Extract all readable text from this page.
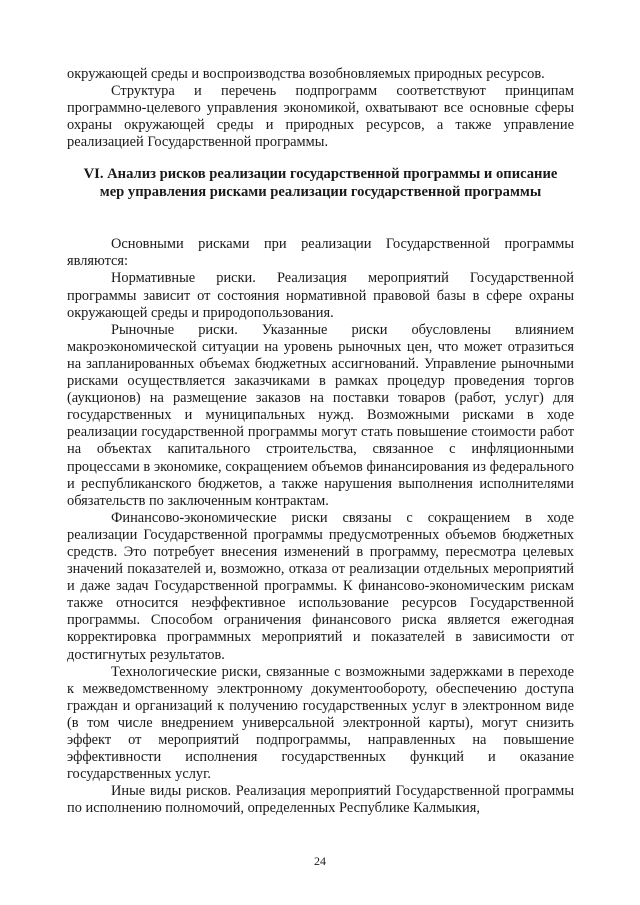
окружающей среды и воспроизводства возобновляемых природных ресурсов.

Структура и перечень подпрограмм соответствуют принципам программно-целевого управления экономикой, охватывают все основные сферы охраны окружающей среды и природных ресурсов, а также управление реализацией Государственной программы.

VI. Анализ рисков реализации государственной программы и описание мер управления рисками реализации государственной программы

Основными рисками при реализации Государственной программы являются:

Нормативные риски. Реализация мероприятий Государственной программы зависит от состояния нормативной правовой базы в сфере охраны окружающей среды и природопользования.

Рыночные риски. Указанные риски обусловлены влиянием макроэкономической ситуации на уровень рыночных цен, что может отразиться на запланированных объемах бюджетных ассигнований. Управление рыночными рисками осуществляется заказчиками в рамках процедур проведения торгов (аукционов) на размещение заказов на поставки товаров (работ, услуг) для государственных и муниципальных нужд. Возможными рисками в ходе реализации государственной программы могут стать повышение стоимости работ на объектах капитального строительства, связанное с инфляционными процессами в экономике, сокращением объемов финансирования из федерального и республиканского бюджетов, а также нарушения выполнения исполнителями обязательств по заключенным контрактам.

Финансово-экономические риски связаны с сокращением в ходе реализации Государственной программы предусмотренных объемов бюджетных средств. Это потребует внесения изменений в программу, пересмотра целевых значений показателей и, возможно, отказа от реализации отдельных мероприятий и даже задач Государственной программы. К финансово-экономическим рискам также относится неэффективное использование ресурсов Государственной программы. Способом ограничения финансового риска является ежегодная корректировка программных мероприятий и показателей в зависимости от достигнутых результатов.

Технологические риски, связанные с возможными задержками в переходе к межведомственному электронному документообороту, обеспечению доступа граждан и организаций к получению государственных услуг в электронном виде (в том числе внедрением универсальной электронной карты), могут снизить эффект от мероприятий подпрограммы, направленных на повышение эффективности исполнения государственных функций и оказание государственных услуг.

Иные виды рисков. Реализация мероприятий Государственной программы по исполнению полномочий, определенных Республике Калмыкия,

24
